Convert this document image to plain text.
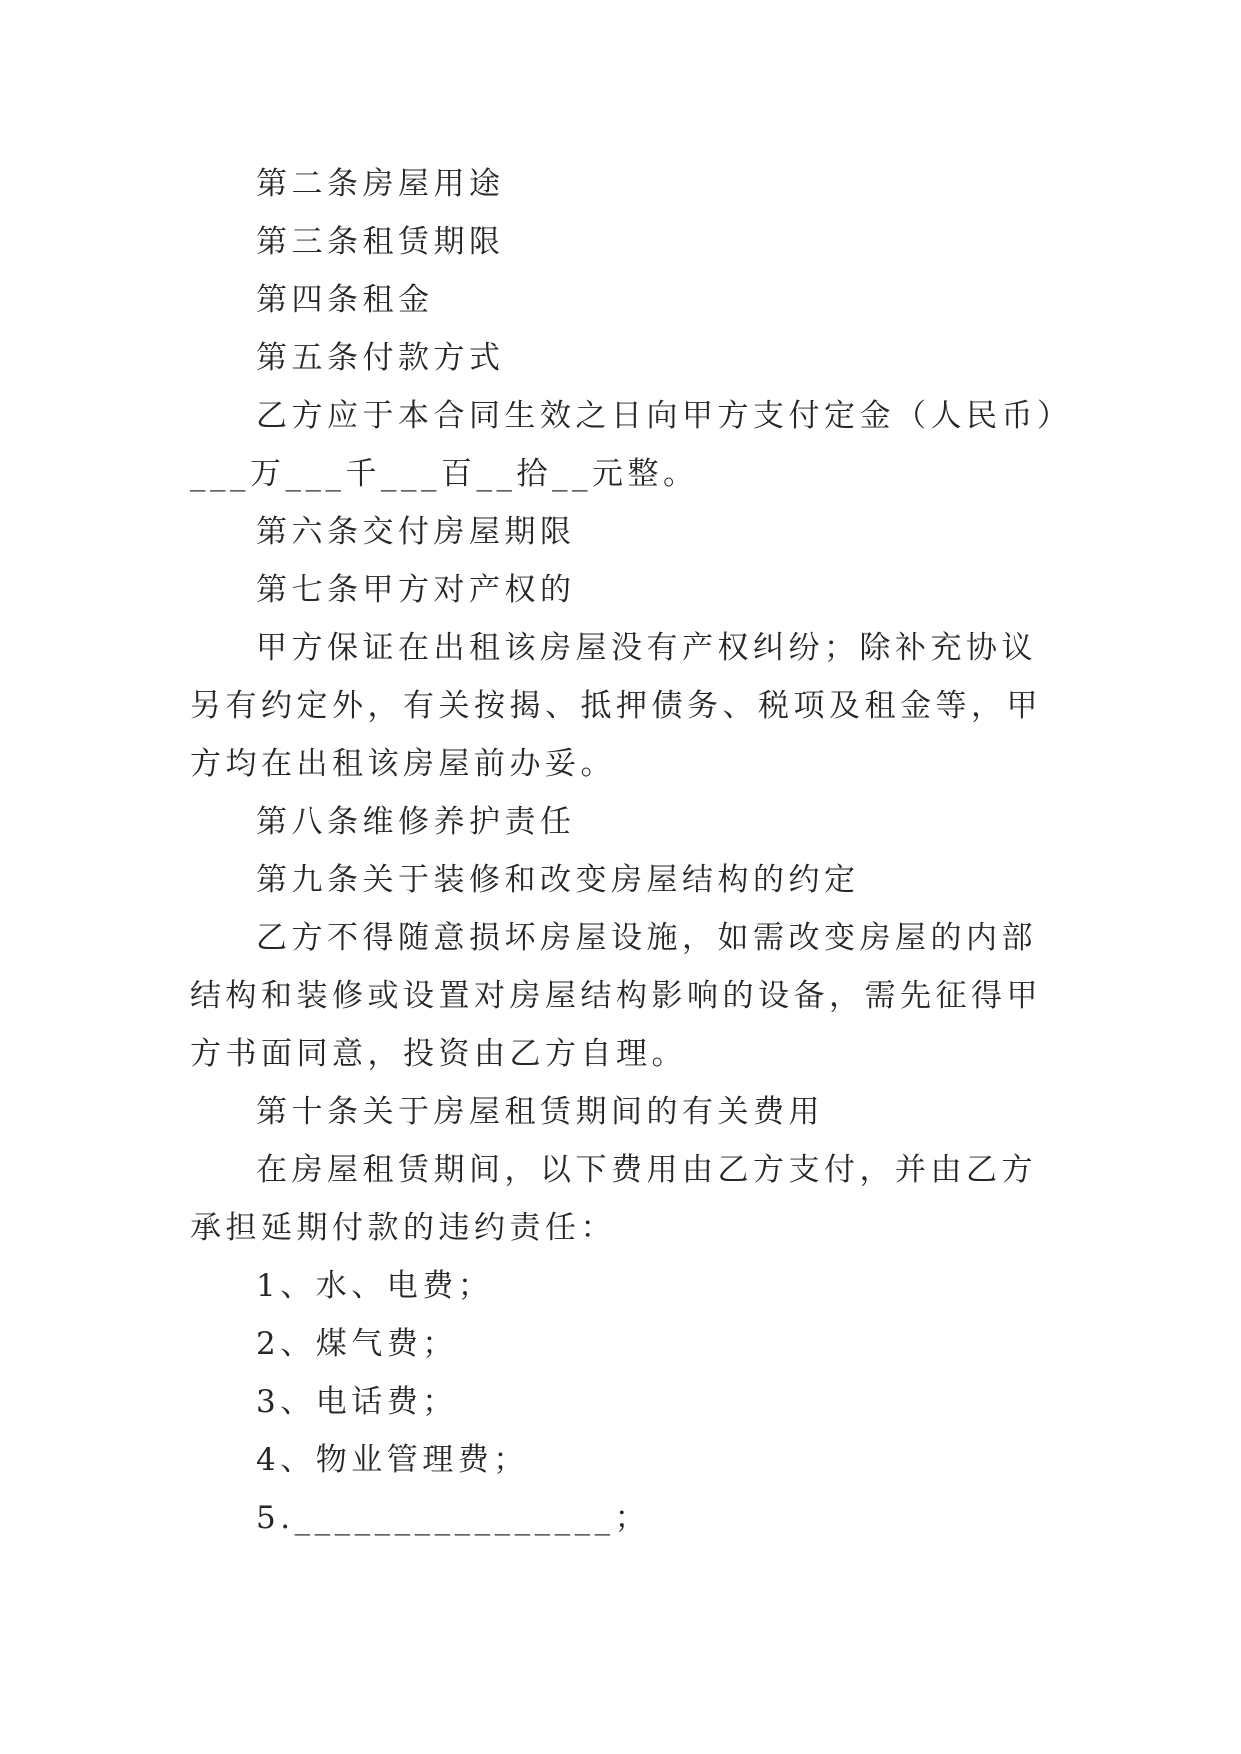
第二条房屋用途

第三条租赁期限

第四条租金

第五条付款方式

乙方应于本合同生效之日向甲方支付定金（人民币）___万___千___百__拾__元整。

第六条交付房屋期限

第七条甲方对产权的

甲方保证在出租该房屋没有产权纠纷；除补充协议另有约定外，有关按揭、抵押债务、税项及租金等，甲方均在出租该房屋前办妥。

第八条维修养护责任

第九条关于装修和改变房屋结构的约定

乙方不得随意损坏房屋设施，如需改变房屋的内部结构和装修或设置对房屋结构影响的设备，需先征得甲方书面同意，投资由乙方自理。

第十条关于房屋租赁期间的有关费用

在房屋租赁期间，以下费用由乙方支付，并由乙方承担延期付款的违约责任：

1、水、电费；

2、煤气费；

3、电话费；

4、物业管理费；

5.________________；
